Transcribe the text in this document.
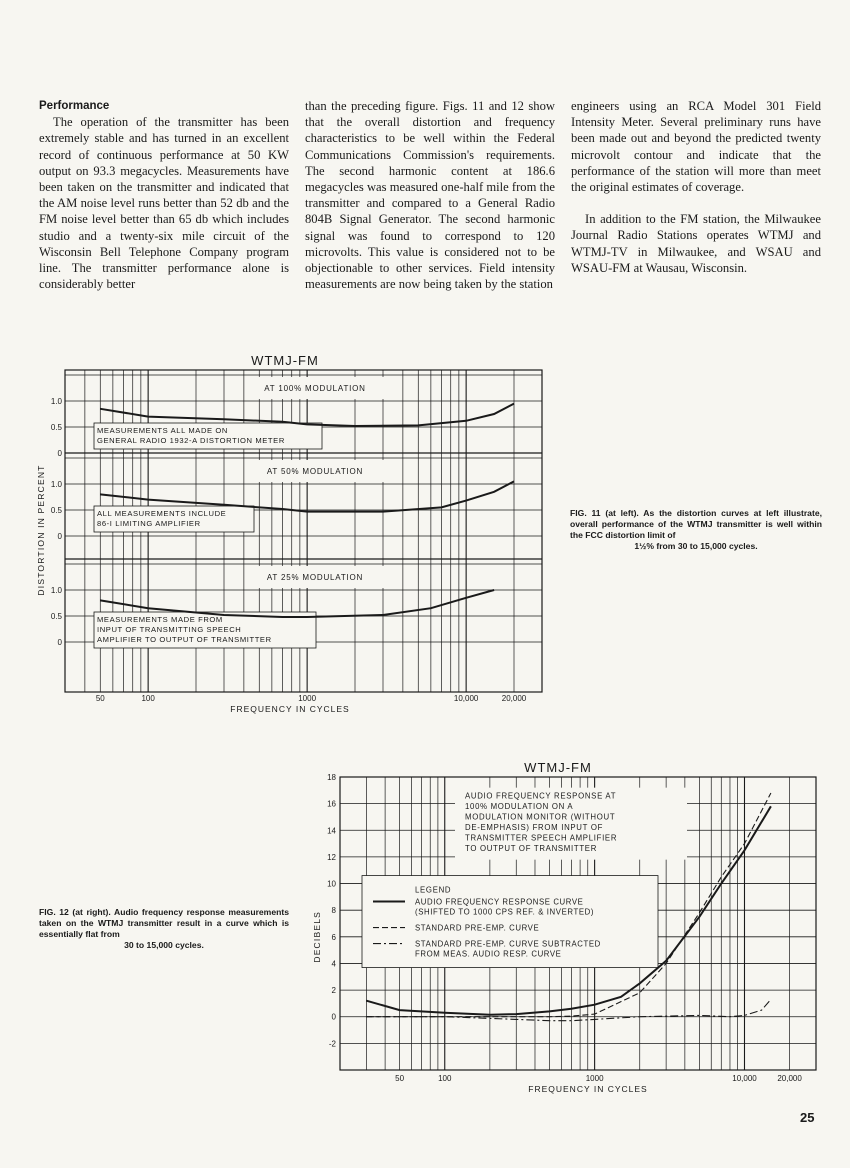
Performance

The operation of the transmitter has been extremely stable and has turned in an excellent record of continuous performance at 50 KW output on 93.3 megacycles. Measurements have been taken on the transmitter and indicated that the AM noise level runs better than 52 db and the FM noise level better than 65 db which includes studio and a twenty-six mile circuit of the Wisconsin Bell Telephone Company program line. The transmitter performance alone is considerably better

than the preceding figure. Figs. 11 and 12 show that the overall distortion and frequency characteristics to be well within the Federal Communications Commission's requirements. The second harmonic content at 186.6 megacycles was measured one-half mile from the transmitter and compared to a General Radio 804B Signal Generator. The second harmonic signal was found to correspond to 120 microvolts. This value is considered not to be objectionable to other services. Field intensity measurements are now being taken by the station

engineers using an RCA Model 301 Field Intensity Meter. Several preliminary runs have been made out and beyond the predicted twenty microvolt contour and indicate that the performance of the station will more than meet the original estimates of coverage.

In addition to the FM station, the Milwaukee Journal Radio Stations operates WTMJ and WTMJ-TV in Milwaukee, and WSAU and WSAU-FM at Wausau, Wisconsin.

FIG. 11 (at left). As the distortion curves at left illustrate, overall performance of the WTMJ transmitter is well within the FCC distortion limit of
1½% from 30 to 15,000 cycles.
FIG. 12 (at right). Audio frequency response measurements taken on the WTMJ transmitter result in a curve which is essentially flat from
30 to 15,000 cycles.
WTMJ-FM
1.0
0.5
0
AT 100% MODULATION
MEASUREMENTS ALL MADE ON
GENERAL RADIO 1932-A DISTORTION METER
1.0
0.5
0
AT 50% MODULATION
ALL MEASUREMENTS INCLUDE
86-I LIMITING AMPLIFIER
1.0
0.5
0
AT 25% MODULATION
MEASUREMENTS MADE FROM
INPUT OF TRANSMITTING SPEECH
AMPLIFIER TO OUTPUT OF TRANSMITTER
DISTORTION IN PERCENT
50	100	1000	10,000	20,000
FREQUENCY IN CYCLES
WTMJ-FM
18
16
14
12
10
8
6
4
2
0
-2
DECIBELS
AUDIO FREQUENCY RESPONSE AT
100% MODULATION ON A
MODULATION MONITOR (WITHOUT
DE-EMPHASIS) FROM INPUT OF
TRANSMITTER SPEECH AMPLIFIER
TO OUTPUT OF TRANSMITTER
LEGEND
AUDIO FREQUENCY RESPONSE CURVE
(SHIFTED TO 1000 CPS REF. & INVERTED)
STANDARD PRE-EMP. CURVE
STANDARD PRE-EMP. CURVE SUBTRACTED
FROM MEAS. AUDIO RESP. CURVE
50	100	1000	10,000	20,000
FREQUENCY IN CYCLES
25
